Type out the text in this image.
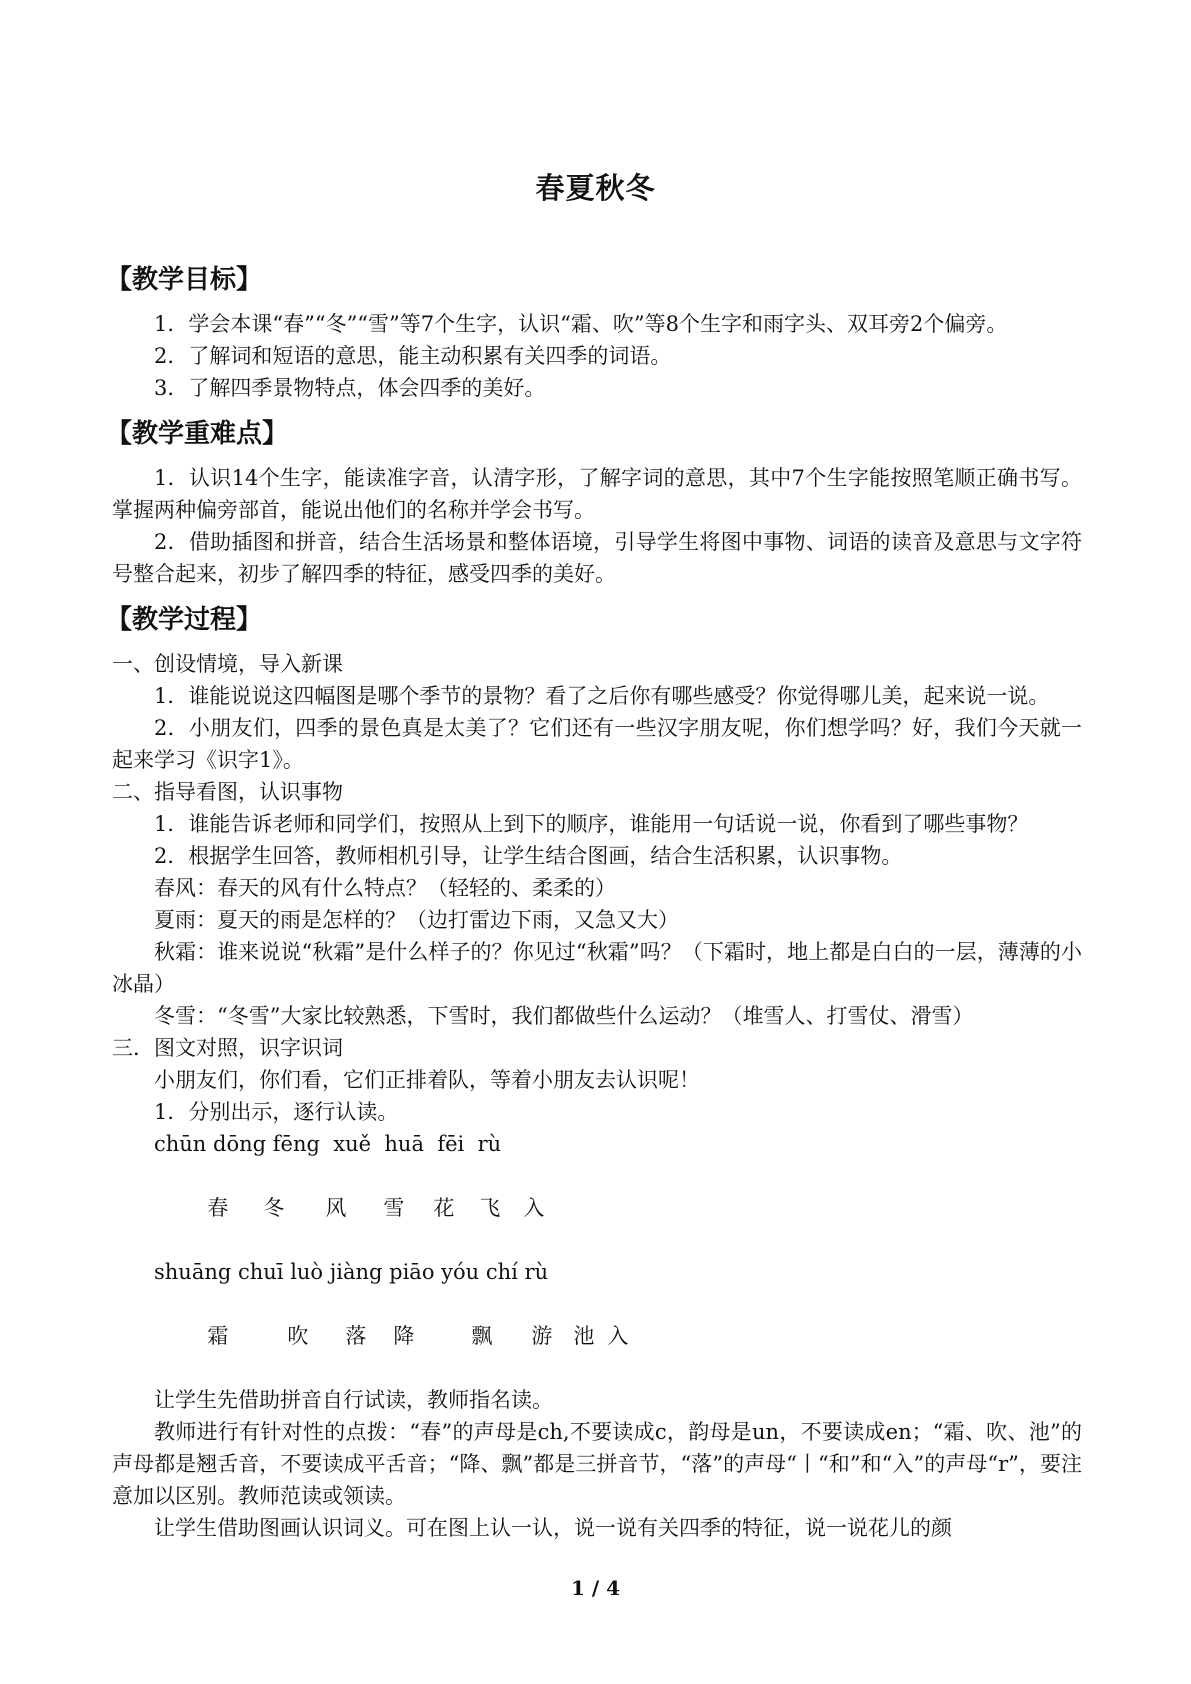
春夏秋冬
【教学目标】

1．学会本课“春”“冬”“雪”等7个生字，认识“霜、吹”等8个生字和雨字头、双耳旁2个偏旁。

2．了解词和短语的意思，能主动积累有关四季的词语。

3．了解四季景物特点，体会四季的美好。

【教学重难点】

1．认识14个生字，能读准字音，认清字形，了解字词的意思，其中7个生字能按照笔顺正确书写。掌握两种偏旁部首，能说出他们的名称并学会书写。

2．借助插图和拼音，结合生活场景和整体语境，引导学生将图中事物、词语的读音及意思与文字符号整合起来，初步了解四季的特征，感受四季的美好。

【教学过程】

一、创设情境，导入新课

1．谁能说说这四幅图是哪个季节的景物？看了之后你有哪些感受？你觉得哪儿美，起来说一说。

2．小朋友们，四季的景色真是太美了？它们还有一些汉字朋友呢，你们想学吗？好，我们今天就一起来学习《识字1》。

二、指导看图，认识事物

1．谁能告诉老师和同学们，按照从上到下的顺序，谁能用一句话说一说，你看到了哪些事物？

2．根据学生回答，教师相机引导，让学生结合图画，结合生活积累，认识事物。

春风：春天的风有什么特点？（轻轻的、柔柔的）

夏雨：夏天的雨是怎样的？（边打雷边下雨，又急又大）

秋霜：谁来说说“秋霜”是什么样子的？你见过“秋霜”吗？（下霜时，地上都是白白的一层，薄薄的小冰晶）

冬雪：“冬雪”大家比较熟悉，下雪时，我们都做些什么运动？（堆雪人、打雪仗、滑雪）

三．图文对照，识字识词

小朋友们，你们看，它们正排着队，等着小朋友去认识呢！

1．分别出示，逐行认读。

chūn dōng fēng  xuě  huā  fēi  rù

春 冬 风 雪 花 飞 入

shuāng chuī luò jiàng piāo yóu chí rù

霜	吹 落 降	飘 游 池 入

让学生先借助拼音自行试读，教师指名读。

教师进行有针对性的点拨：“春”的声母是ch,不要读成c，韵母是un，不要读成en；“霜、吹、池”的声母都是翘舌音，不要读成平舌音；“降、飘”都是三拼音节，“落”的声母“丨“和”和“入”的声母“r”，要注意加以区别。教师范读或领读。

让学生借助图画认识词义。可在图上认一认，说一说有关四季的特征，说一说花儿的颜

1 / 4
